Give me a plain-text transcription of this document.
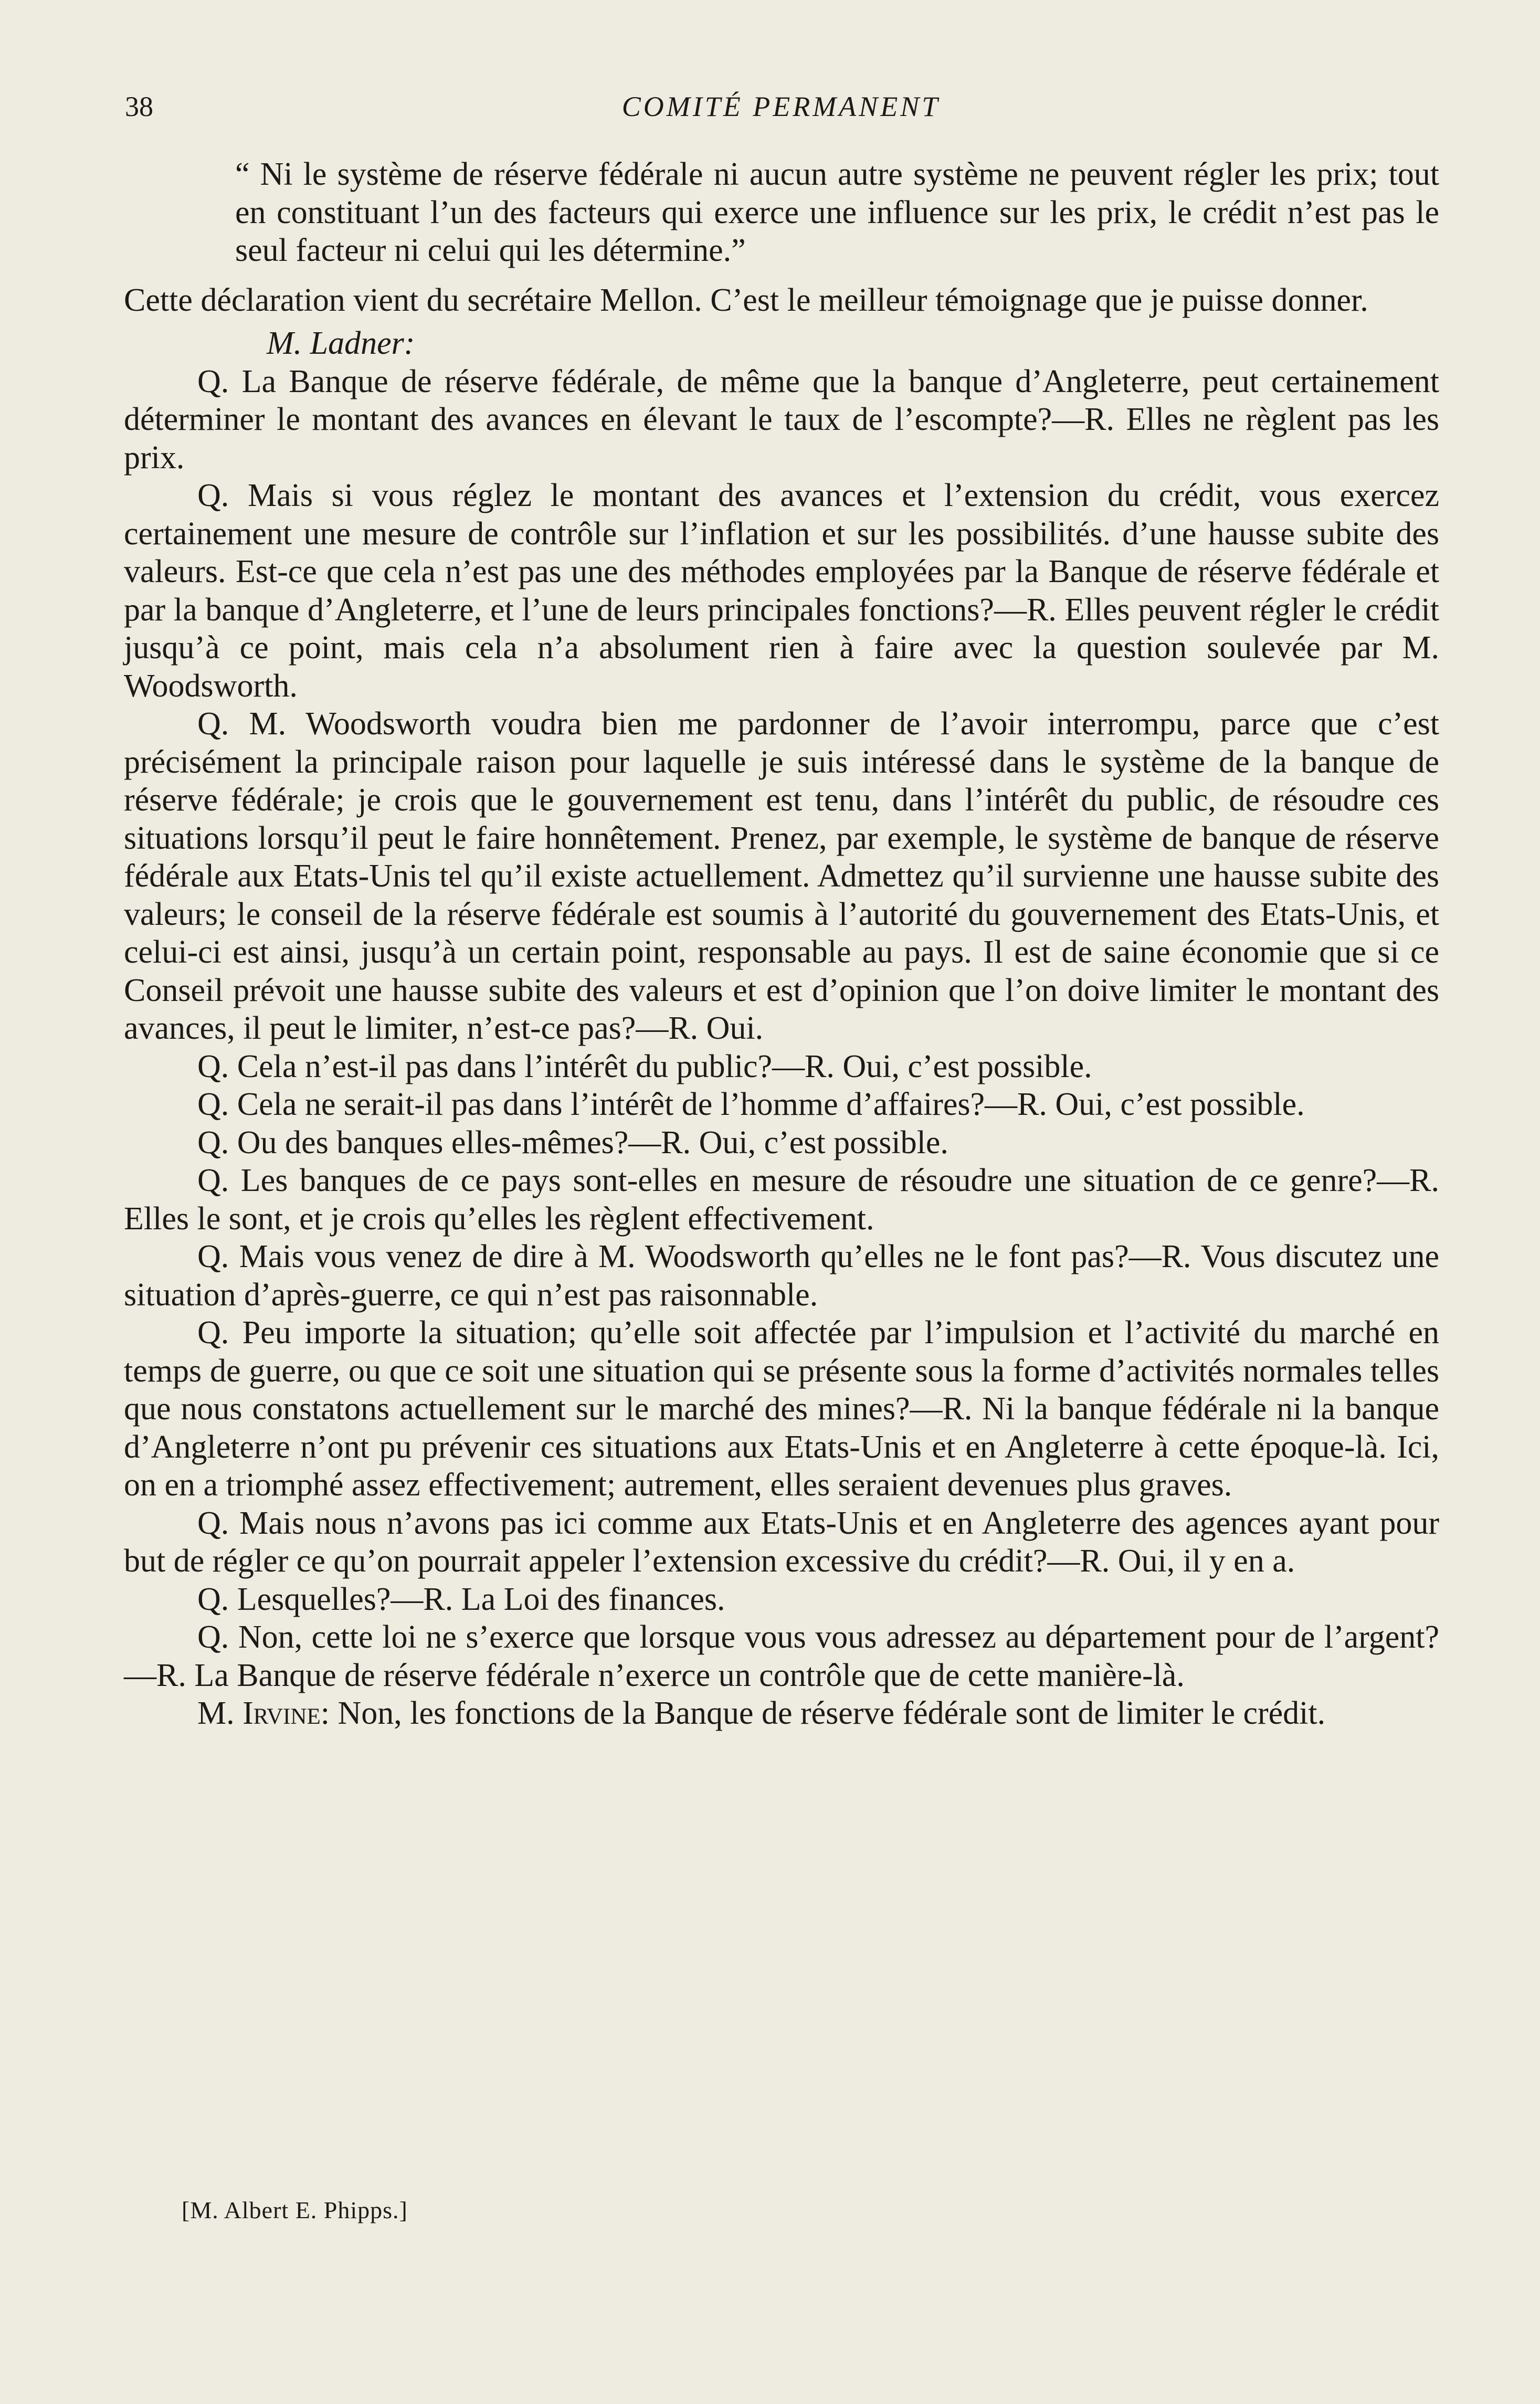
38	COMITÉ PERMANENT

“ Ni le système de réserve fédérale ni aucun autre système ne peuvent régler les prix; tout en constituant l’un des facteurs qui exerce une influence sur les prix, le crédit n’est pas le seul facteur ni celui qui les détermine.”

Cette déclaration vient du secrétaire Mellon. C’est le meilleur témoignage que je puisse donner.

M. Ladner:

Q. La Banque de réserve fédérale, de même que la banque d’Angleterre, peut certainement déterminer le montant des avances en élevant le taux de l’escompte?—R. Elles ne règlent pas les prix.

Q. Mais si vous réglez le montant des avances et l’extension du crédit, vous exercez certainement une mesure de contrôle sur l’inflation et sur les possibilités. d’une hausse subite des valeurs. Est-ce que cela n’est pas une des méthodes employées par la Banque de réserve fédérale et par la banque d’Angleterre, et l’une de leurs principales fonctions?—R. Elles peuvent régler le crédit jusqu’à ce point, mais cela n’a absolument rien à faire avec la question soulevée par M. Woodsworth.

Q. M. Woodsworth voudra bien me pardonner de l’avoir interrompu, parce que c’est précisément la principale raison pour laquelle je suis intéressé dans le système de la banque de réserve fédérale; je crois que le gouvernement est tenu, dans l’intérêt du public, de résoudre ces situations lorsqu’il peut le faire honnêtement. Prenez, par exemple, le système de banque de réserve fédérale aux Etats-Unis tel qu’il existe actuellement. Admettez qu’il survienne une hausse subite des valeurs; le conseil de la réserve fédérale est soumis à l’autorité du gouvernement des Etats-Unis, et celui-ci est ainsi, jusqu’à un certain point, responsable au pays. Il est de saine économie que si ce Conseil prévoit une hausse subite des valeurs et est d’opinion que l’on doive limiter le montant des avances, il peut le limiter, n’est-ce pas?—R. Oui.

Q. Cela n’est-il pas dans l’intérêt du public?—R. Oui, c’est possible.

Q. Cela ne serait-il pas dans l’intérêt de l’homme d’affaires?—R. Oui, c’est possible.

Q. Ou des banques elles-mêmes?—R. Oui, c’est possible.

Q. Les banques de ce pays sont-elles en mesure de résoudre une situation de ce genre?—R. Elles le sont, et je crois qu’elles les règlent effectivement.

Q. Mais vous venez de dire à M. Woodsworth qu’elles ne le font pas?—R. Vous discutez une situation d’après-guerre, ce qui n’est pas raisonnable.

Q. Peu importe la situation; qu’elle soit affectée par l’impulsion et l’activité du marché en temps de guerre, ou que ce soit une situation qui se présente sous la forme d’activités normales telles que nous constatons actuellement sur le marché des mines?—R. Ni la banque fédérale ni la banque d’Angleterre n’ont pu prévenir ces situations aux Etats-Unis et en Angleterre à cette époque-là. Ici, on en a triomphé assez effectivement; autrement, elles seraient devenues plus graves.

Q. Mais nous n’avons pas ici comme aux Etats-Unis et en Angleterre des agences ayant pour but de régler ce qu’on pourrait appeler l’extension excessive du crédit?—R. Oui, il y en a.

Q. Lesquelles?—R. La Loi des finances.

Q. Non, cette loi ne s’exerce que lorsque vous vous adressez au département pour de l’argent?—R. La Banque de réserve fédérale n’exerce un contrôle que de cette manière-là.

M. Irvine: Non, les fonctions de la Banque de réserve fédérale sont de limiter le crédit.

[M. Albert E. Phipps.]
